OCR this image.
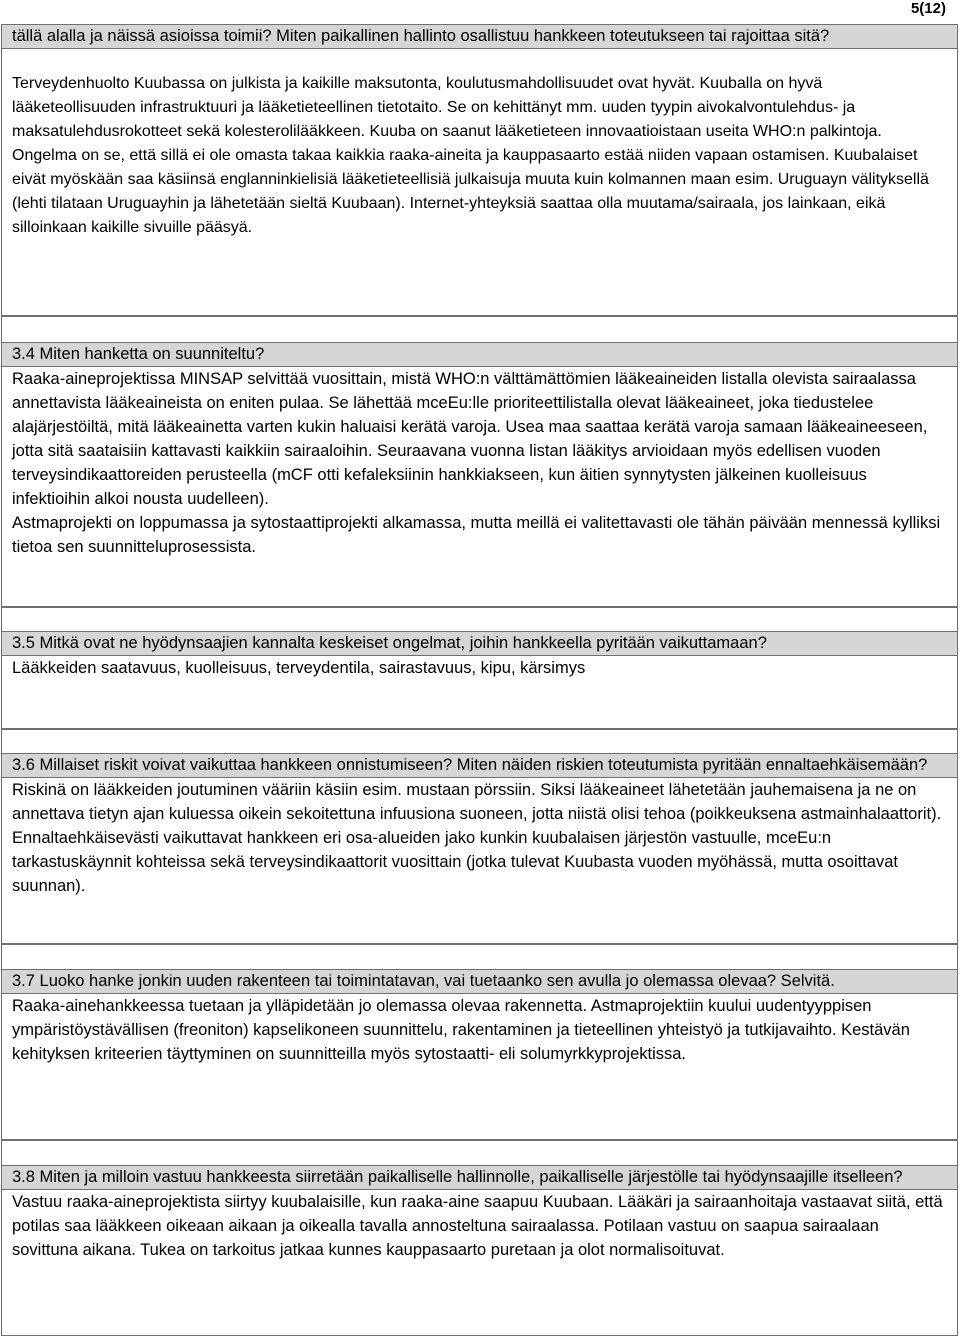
5(12)
tällä alalla ja näissä asioissa toimii? Miten paikallinen hallinto osallistuu hankkeen toteutukseen tai rajoittaa sitä?

Terveydenhuolto Kuubassa on julkista ja kaikille maksutonta, koulutusmahdollisuudet ovat hyvät. Kuuballa on hyvä lääketeollisuuden infrastruktuuri ja lääketieteellinen tietotaito. Se on kehittänyt mm. uuden tyypin aivokalvontulehdus- ja maksatulehdusrokotteet sekä kolesterolilääkkeen. Kuuba on saanut lääketieteen innovaatioistaan useita WHO:n palkintoja. Ongelma on se, että sillä ei ole omasta takaa kaikkia raaka-aineita ja kauppasaarto estää niiden vapaan ostamisen. Kuubalaiset eivät myöskään saa käsiinsä englanninkielisiä lääketieteellisiä julkaisuja muuta kuin kolmannen maan esim. Uruguayn välityksellä (lehti tilataan Uruguayhin ja lähetetään sieltä Kuubaan). Internet-yhteyksiä saattaa olla muutama/sairaala, jos lainkaan, eikä silloinkaan kaikille sivuille pääsyä.

3.4 Miten hanketta on suunniteltu?

Raaka-aineprojektissa MINSAP selvittää vuosittain, mistä WHO:n välttämättömien lääkeaineiden listalla olevista sairaalassa annettavista lääkeaineista on eniten pulaa. Se lähettää mceEu:lle prioriteettilistalla olevat lääkeaineet, joka tiedustelee alajärjestöiltä, mitä lääkeainetta varten kukin haluaisi kerätä varoja. Usea maa saattaa kerätä varoja samaan lääkeaineeseen, jotta sitä saataisiin kattavasti kaikkiin sairaaloihin. Seuraavana vuonna listan lääkitys arvioidaan myös edellisen vuoden terveysindikaattoreiden perusteella (mCF otti kefaleksiinin hankkiakseen, kun äitien synnytysten jälkeinen kuolleisuus infektioihin alkoi nousta uudelleen).

Astmaprojekti on loppumassa ja sytostaattiprojekti alkamassa, mutta meillä ei valitettavasti ole tähän päivään mennessä kylliksi tietoa sen suunnitteluprosessista.

3.5 Mitkä ovat ne hyödynsaajien kannalta keskeiset ongelmat, joihin hankkeella pyritään vaikuttamaan?

Lääkkeiden saatavuus, kuolleisuus, terveydentila, sairastavuus, kipu, kärsimys

3.6 Millaiset riskit voivat vaikuttaa hankkeen onnistumiseen? Miten näiden riskien toteutumista pyritään ennaltaehkäisemään?

Riskinä on lääkkeiden joutuminen vääriin käsiin esim. mustaan pörssiin. Siksi lääkeaineet lähetetään jauhemaisena ja ne on annettava tietyn ajan kuluessa oikein sekoitettuna infuusiona suoneen, jotta niistä olisi tehoa (poikkeuksena astmainhalaattorit). Ennaltaehkäisevästi vaikuttavat hankkeen eri osa-alueiden jako kunkin kuubalaisen järjestön vastuulle, mceEu:n tarkastuskäynnit kohteissa sekä terveysindikaattorit vuosittain (jotka tulevat Kuubasta vuoden myöhässä, mutta osoittavat suunnan).

3.7 Luoko hanke jonkin uuden rakenteen tai toimintatavan, vai tuetaanko sen avulla jo olemassa olevaa? Selvitä.

Raaka-ainehankkeessa tuetaan ja ylläpidetään jo olemassa olevaa rakennetta. Astmaprojektiin kuului uudentyyppisen ympäristöystävällisen (freoniton) kapselikoneen suunnittelu, rakentaminen ja tieteellinen yhteistyö ja tutkijavaihto. Kestävän kehityksen kriteerien täyttyminen on suunnitteilla myös sytostaatti- eli solumyrkkyprojektissa.

3.8 Miten ja milloin vastuu hankkeesta siirretään paikalliselle hallinnolle, paikalliselle järjestölle tai hyödynsaajille itselleen?

Vastuu raaka-aineprojektista siirtyy kuubalaisille, kun raaka-aine saapuu Kuubaan. Lääkäri ja sairaanhoitaja vastaavat siitä, että potilas saa lääkkeen oikeaan aikaan ja oikealla tavalla annosteltuna sairaalassa. Potilaan vastuu on saapua sairaalaan sovittuna aikana. Tukea on tarkoitus jatkaa kunnes kauppasaarto puretaan ja olot normalisoituvat.
